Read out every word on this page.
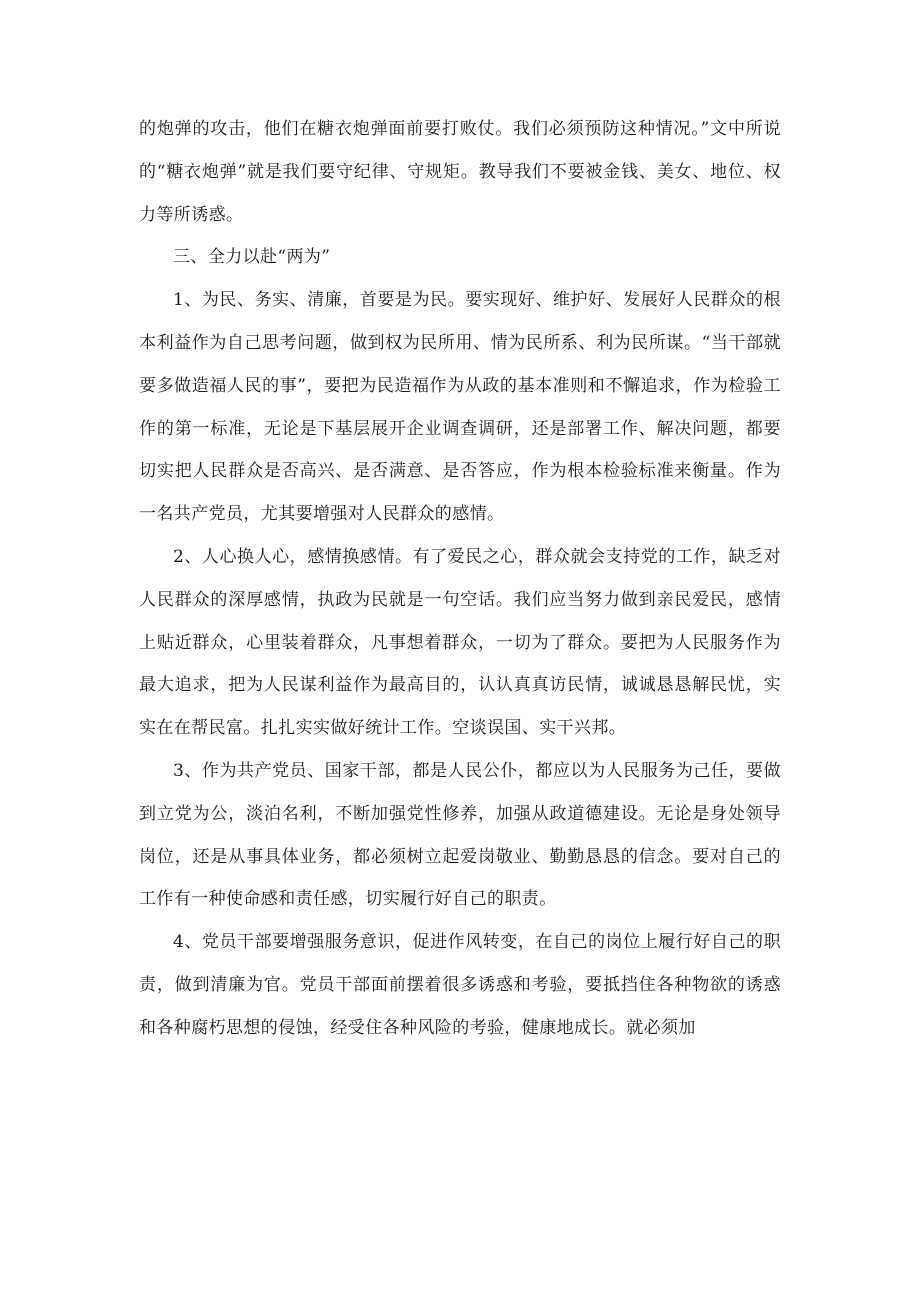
的炮弹的攻击，他们在糖衣炮弹面前要打败仗。我们必须预防这种情况。”文中所说的“糖衣炮弹”就是我们要守纪律、守规矩。教导我们不要被金钱、美女、地位、权力等所诱惑。

三、全力以赴“两为”

1、为民、务实、清廉，首要是为民。要实现好、维护好、发展好人民群众的根本利益作为自己思考问题，做到权为民所用、情为民所系、利为民所谋。“当干部就要多做造福人民的事”，要把为民造福作为从政的基本准则和不懈追求，作为检验工作的第一标准，无论是下基层展开企业调查调研，还是部署工作、解决问题，都要切实把人民群众是否高兴、是否满意、是否答应，作为根本检验标准来衡量。作为一名共产党员，尤其要增强对人民群众的感情。

2、人心换人心，感情换感情。有了爱民之心，群众就会支持党的工作，缺乏对人民群众的深厚感情，执政为民就是一句空话。我们应当努力做到亲民爱民，感情上贴近群众，心里装着群众，凡事想着群众，一切为了群众。要把为人民服务作为最大追求，把为人民谋利益作为最高目的，认认真真访民情，诚诚恳恳解民忧，实实在在帮民富。扎扎实实做好统计工作。空谈误国、实干兴邦。

3、作为共产党员、国家干部，都是人民公仆，都应以为人民服务为己任，要做到立党为公，淡泊名利，不断加强党性修养，加强从政道德建设。无论是身处领导岗位，还是从事具体业务，都必须树立起爱岗敬业、勤勤恳恳的信念。要对自己的工作有一种使命感和责任感，切实履行好自己的职责。

4、党员干部要增强服务意识，促进作风转变，在自己的岗位上履行好自己的职责，做到清廉为官。党员干部面前摆着很多诱惑和考验，要抵挡住各种物欲的诱惑和各种腐朽思想的侵蚀，经受住各种风险的考验，健康地成长。就必须加
